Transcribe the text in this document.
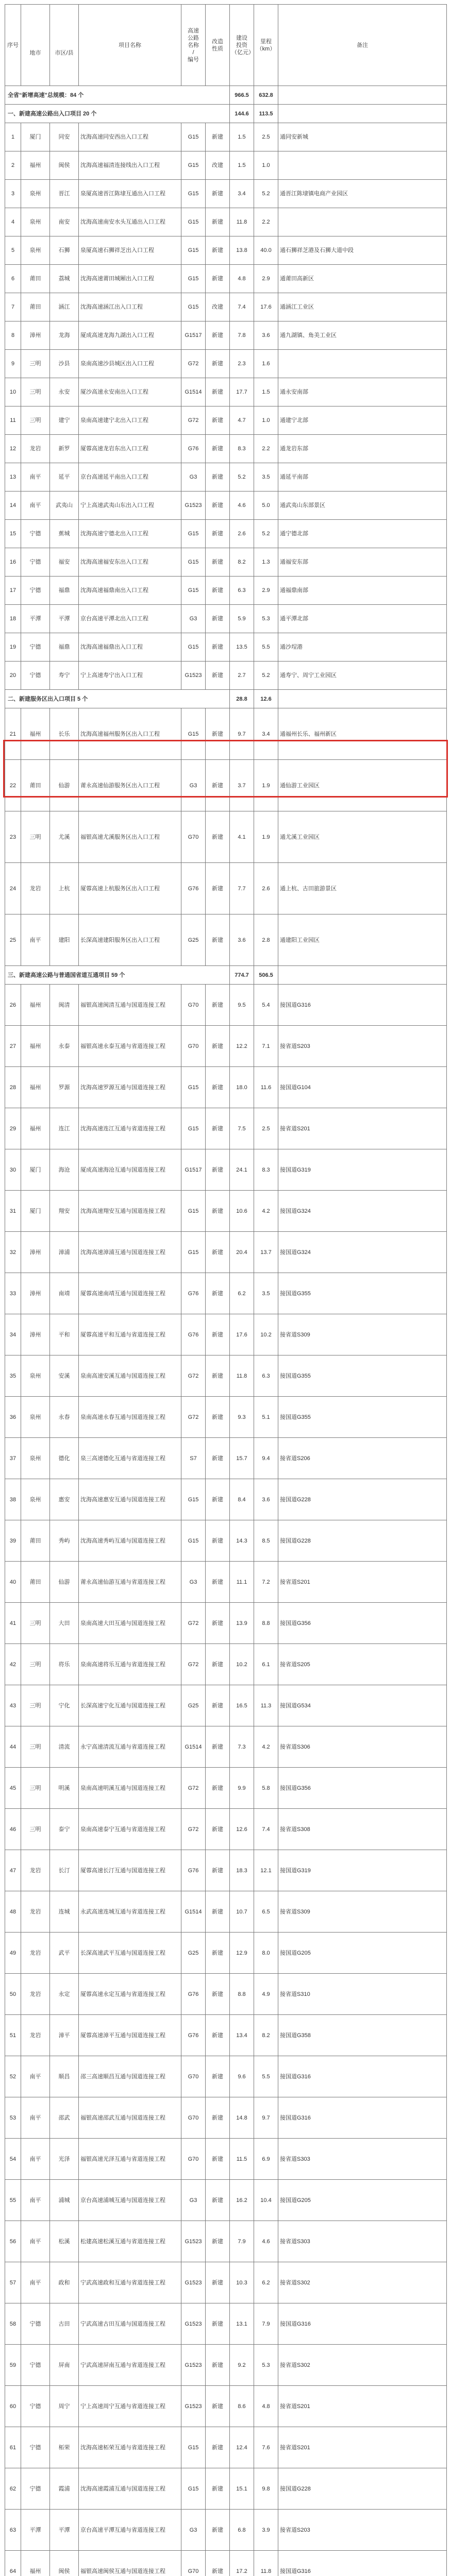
序号	地市	市区/县	项目名称	高速
公路
名称
/
编号	改造
性质	建设
投资
（亿元）	里程
（km）	备注
全省“新增高速”总规模：84 个						966.5	632.8	
一、新建高速公路出入口项目 20 个						144.6	113.5	
1	厦门	同安	沈海高速同安西出入口工程	G15	新建	1.5	2.5	通同安新城
2	福州	闽侯	沈海高速福清连接线出入口工程	G15	改建	1.5	1.0	
3	泉州	晋江	泉厦高速晋江陈埭互通出入口工程	G15	新建	3.4	5.2	通晋江陈埭镇电商产业园区
4	泉州	南安	沈海高速南安水头互通出入口工程	G15	新建	11.8	2.2	
5	泉州	石狮	泉厦高速石狮祥芝出入口工程	G15	新建	13.8	40.0	通石狮祥芝港及石狮大道中段
6	莆田	荔城	沈海高速莆田城厢出入口工程	G15	新建	4.8	2.9	通莆田高新区
7	莆田	涵江	沈海高速涵江出入口工程	G15	改建	7.4	17.6	通涵江工业区
8	漳州	龙海	厦成高速龙海九湖出入口工程	G1517	新建	7.8	3.6	通九湖镇、角美工业区
9	三明	沙县	泉南高速沙县城区出入口工程	G72	新建	2.3	1.6	
10	三明	永安	厦沙高速永安南出入口工程	G1514	新建	17.7	1.5	通永安南部
11	三明	建宁	泉南高速建宁北出入口工程	G72	新建	4.7	1.0	通建宁北部
12	龙岩	新罗	厦蓉高速龙岩东出入口工程	G76	新建	8.3	2.2	通龙岩东部
13	南平	延平	京台高速延平南出入口工程	G3	新建	5.2	3.5	通延平南部
14	南平	武夷山	宁上高速武夷山东出入口工程	G1523	新建	4.6	5.0	通武夷山东部景区
15	宁德	蕉城	沈海高速宁德北出入口工程	G15	新建	2.6	5.2	通宁德北部
16	宁德	福安	沈海高速福安东出入口工程	G15	新建	8.2	1.3	通福安东部
17	宁德	福鼎	沈海高速福鼎南出入口工程	G15	新建	6.3	2.9	通福鼎南部
18	平潭	平潭	京台高速平潭北出入口工程	G3	新建	5.9	5.3	通平潭北部
19	宁德	福鼎	沈海高速福鼎出入口工程	G15	新建	13.5	5.5	通沙埕港
20	宁德	寿宁	宁上高速寿宁出入口工程	G1523	新建	2.7	5.2	通寿宁、周宁工业园区
二、新建服务区出入口项目 5 个						28.8	12.6	
21	福州	长乐	沈海高速福州服务区出入口工程	G15	新建	9.7	3.4	通福州长乐、福州新区
22	莆田	仙游	莆永高速仙游服务区出入口工程	G3	新建	3.7	1.9	通仙游工业园区
23	三明	尤溪	福银高速尤溪服务区出入口工程	G70	新建	4.1	1.9	通尤溪工业园区
24	龙岩	上杭	厦蓉高速上杭服务区出入口工程	G76	新建	7.7	2.6	通上杭、古田旅游景区
25	南平	建阳	长深高速建阳服务区出入口工程	G25	新建	3.6	2.8	通建阳工业园区
三、新建高速公路与普通国省道互通项目 59 个						774.7	506.5	
26	福州	闽清	福银高速闽清互通与国道连接工程	G70	新建	9.5	5.4	接国道G316
27	福州	永泰	福银高速永泰互通与省道连接工程	G70	新建	12.2	7.1	接省道S203
28	福州	罗源	沈海高速罗源互通与国道连接工程	G15	新建	18.0	11.6	接国道G104
29	福州	连江	沈海高速连江互通与省道连接工程	G15	新建	7.5	2.5	接省道S201
30	厦门	海沧	厦成高速海沧互通与国道连接工程	G1517	新建	24.1	8.3	接国道G319
31	厦门	翔安	沈海高速翔安互通与国道连接工程	G15	新建	10.6	4.2	接国道G324
32	漳州	漳浦	沈海高速漳浦互通与国道连接工程	G15	新建	20.4	13.7	接国道G324
33	漳州	南靖	厦蓉高速南靖互通与国道连接工程	G76	新建	6.2	3.5	接国道G355
34	漳州	平和	厦蓉高速平和互通与省道连接工程	G76	新建	17.6	10.2	接省道S309
35	泉州	安溪	泉南高速安溪互通与国道连接工程	G72	新建	11.8	6.3	接国道G355
36	泉州	永春	泉南高速永春互通与国道连接工程	G72	新建	9.3	5.1	接国道G355
37	泉州	德化	泉三高速德化互通与省道连接工程	S7	新建	15.7	9.4	接省道S206
38	泉州	惠安	沈海高速惠安互通与国道连接工程	G15	新建	8.4	3.6	接国道G228
39	莆田	秀屿	沈海高速秀屿互通与国道连接工程	G15	新建	14.3	8.5	接国道G228
40	莆田	仙游	莆永高速仙游互通与省道连接工程	G3	新建	11.1	7.2	接省道S201
41	三明	大田	泉南高速大田互通与国道连接工程	G72	新建	13.9	8.8	接国道G356
42	三明	将乐	泉南高速将乐互通与省道连接工程	G72	新建	10.2	6.1	接省道S205
43	三明	宁化	长深高速宁化互通与国道连接工程	G25	新建	16.5	11.3	接国道G534
44	三明	清流	永宁高速清流互通与省道连接工程	G1514	新建	7.3	4.2	接省道S306
45	三明	明溪	泉南高速明溪互通与国道连接工程	G72	新建	9.9	5.8	接国道G356
46	三明	泰宁	泉南高速泰宁互通与省道连接工程	G72	新建	12.6	7.4	接省道S308
47	龙岩	长汀	厦蓉高速长汀互通与国道连接工程	G76	新建	18.3	12.1	接国道G319
48	龙岩	连城	永武高速连城互通与省道连接工程	G1514	新建	10.7	6.5	接省道S309
49	龙岩	武平	长深高速武平互通与国道连接工程	G25	新建	12.9	8.0	接国道G205
50	龙岩	永定	厦蓉高速永定互通与省道连接工程	G76	新建	8.8	4.9	接省道S310
51	龙岩	漳平	厦蓉高速漳平互通与国道连接工程	G76	新建	13.4	8.2	接国道G358
52	南平	顺昌	邵三高速顺昌互通与国道连接工程	G70	新建	9.6	5.5	接国道G316
53	南平	邵武	福银高速邵武互通与国道连接工程	G70	新建	14.8	9.7	接国道G316
54	南平	光泽	福银高速光泽互通与省道连接工程	G70	新建	11.5	6.9	接省道S303
55	南平	浦城	京台高速浦城互通与国道连接工程	G3	新建	16.2	10.4	接国道G205
56	南平	松溪	松建高速松溪互通与省道连接工程	G1523	新建	7.9	4.6	接省道S303
57	南平	政和	宁武高速政和互通与省道连接工程	G1523	新建	10.3	6.2	接省道S302
58	宁德	古田	宁武高速古田互通与国道连接工程	G1523	新建	13.1	7.9	接国道G316
59	宁德	屏南	宁武高速屏南互通与省道连接工程	G1523	新建	9.2	5.3	接省道S302
60	宁德	周宁	宁上高速周宁互通与省道连接工程	G1523	新建	8.6	4.8	接省道S201
61	宁德	柘荣	沈海高速柘荣互通与省道连接工程	G15	新建	12.4	7.6	接省道S201
62	宁德	霞浦	沈海高速霞浦互通与国道连接工程	G15	新建	15.1	9.8	接国道G228
63	平潭	平潭	京台高速平潭互通与省道连接工程	G3	新建	6.8	3.9	接省道S203
64	福州	闽侯	福银高速闽侯互通与国道连接工程	G70	新建	17.2	11.8	接国道G316
